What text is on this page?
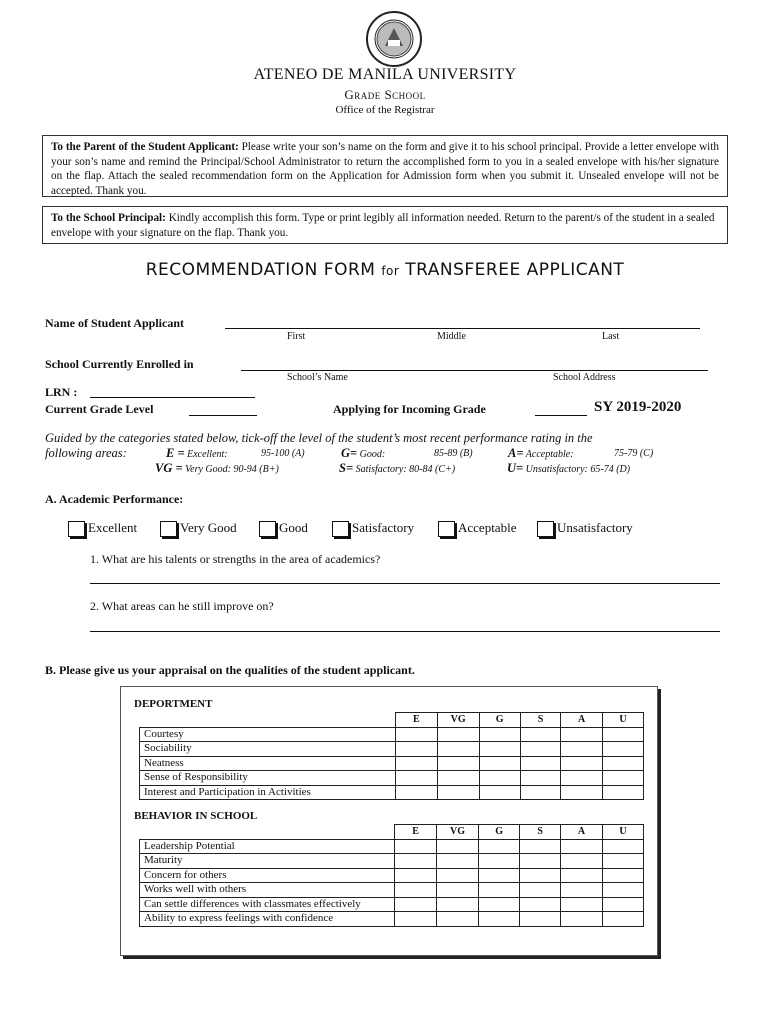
ATENEO DE MANILA UNIVERSITY
Grade School
Office of the Registrar
To the Parent of the Student Applicant: Please write your son’s name on the form and give it to his school principal. Provide a letter envelope with your son’s name and remind the Principal/School Administrator to return the accomplished form to you in a sealed envelope with his/her signature on the flap. Attach the sealed recommendation form on the Application for Admission form when you submit it. Unsealed envelope will not be accepted. Thank you.
To the School Principal: Kindly accomplish this form. Type or print legibly all information needed. Return to the parent/s of the student in a sealed envelope with your signature on the flap. Thank you.
RECOMMENDATION FORM for TRANSFEREE APPLICANT
Name of Student Applicant
First	Middle	Last
School Currently Enrolled in
School’s Name	School Address
LRN :
Current Grade Level	Applying for Incoming Grade	SY 2019-2020
Guided by the categories stated below, tick-off the level of the student’s most recent performance rating in the
following areas:	E = Excellent:	95-100 (A)	G= Good:	85-89 (B)	A= Acceptable:	75-79 (C)
VG = Very Good: 90-94 (B+)	S= Satisfactory: 80-84 (C+)	U= Unsatisfactory: 65-74 (D)
A. Academic Performance:
Excellent	Very Good	Good	Satisfactory	Acceptable	Unsatisfactory
1. What are his talents or strengths in the area of academics?
2. What areas can he still improve on?
B. Please give us your appraisal on the qualities of the student applicant.
DEPORTMENT
	E	VG	G	S	A	U
Courtesy						
Sociability						
Neatness						
Sense of Responsibility						
Interest and Participation in Activities						
BEHAVIOR IN SCHOOL
	E	VG	G	S	A	U
Leadership Potential						
Maturity						
Concern for others						
Works well with others						
Can settle differences with classmates effectively						
Ability to express feelings with confidence						
